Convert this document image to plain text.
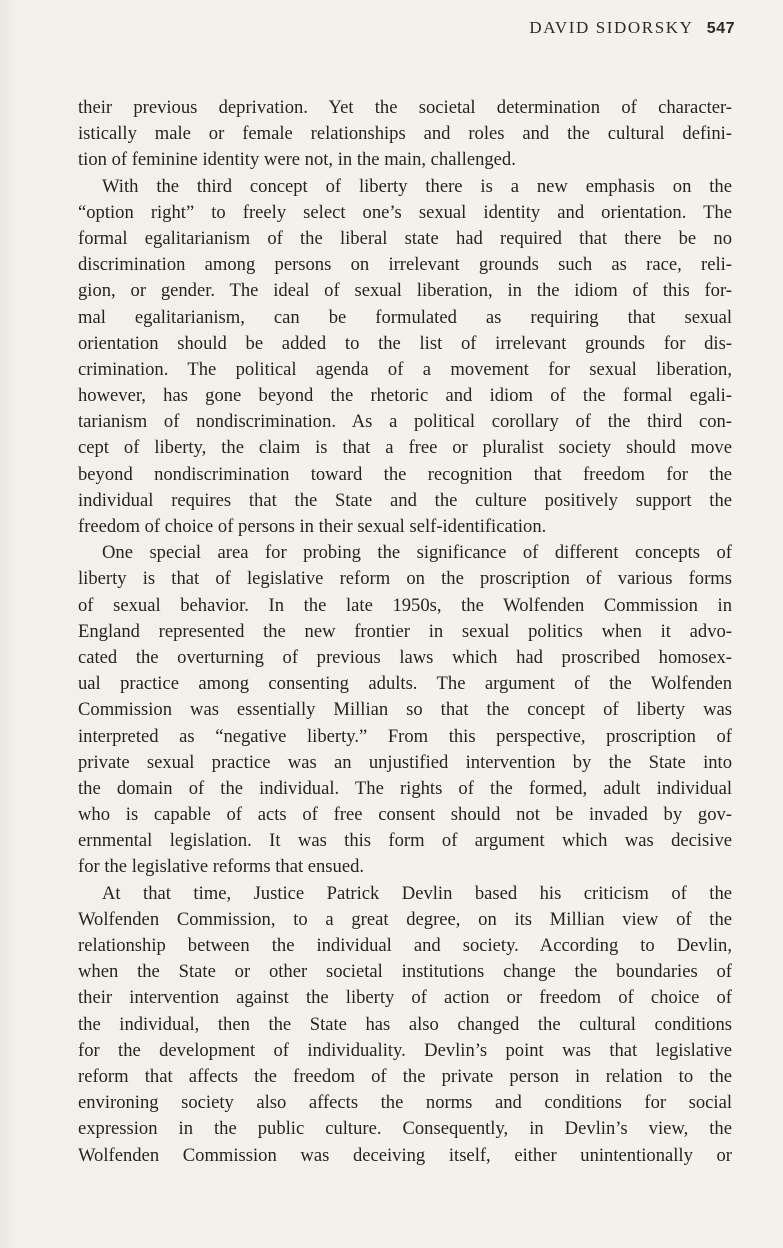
DAVID SIDORSKY 547
their previous deprivation. Yet the societal determination of character-
istically male or female relationships and roles and the cultural defini-
tion of feminine identity were not, in the main, challenged.
With the third concept of liberty there is a new emphasis on the
“option right” to freely select one’s sexual identity and orientation. The
formal egalitarianism of the liberal state had required that there be no
discrimination among persons on irrelevant grounds such as race, reli-
gion, or gender. The ideal of sexual liberation, in the idiom of this for-
mal egalitarianism, can be formulated as requiring that sexual
orientation should be added to the list of irrelevant grounds for dis-
crimination. The political agenda of a movement for sexual liberation,
however, has gone beyond the rhetoric and idiom of the formal egali-
tarianism of nondiscrimination. As a political corollary of the third con-
cept of liberty, the claim is that a free or pluralist society should move
beyond nondiscrimination toward the recognition that freedom for the
individual requires that the State and the culture positively support the
freedom of choice of persons in their sexual self-identification.
One special area for probing the significance of different concepts of
liberty is that of legislative reform on the proscription of various forms
of sexual behavior. In the late 1950s, the Wolfenden Commission in
England represented the new frontier in sexual politics when it advo-
cated the overturning of previous laws which had proscribed homosex-
ual practice among consenting adults. The argument of the Wolfenden
Commission was essentially Millian so that the concept of liberty was
interpreted as “negative liberty.” From this perspective, proscription of
private sexual practice was an unjustified intervention by the State into
the domain of the individual. The rights of the formed, adult individual
who is capable of acts of free consent should not be invaded by gov-
ernmental legislation. It was this form of argument which was decisive
for the legislative reforms that ensued.
At that time, Justice Patrick Devlin based his criticism of the
Wolfenden Commission, to a great degree, on its Millian view of the
relationship between the individual and society. According to Devlin,
when the State or other societal institutions change the boundaries of
their intervention against the liberty of action or freedom of choice of
the individual, then the State has also changed the cultural conditions
for the development of individuality. Devlin’s point was that legislative
reform that affects the freedom of the private person in relation to the
environing society also affects the norms and conditions for social
expression in the public culture. Consequently, in Devlin’s view, the
Wolfenden Commission was deceiving itself, either unintentionally or
